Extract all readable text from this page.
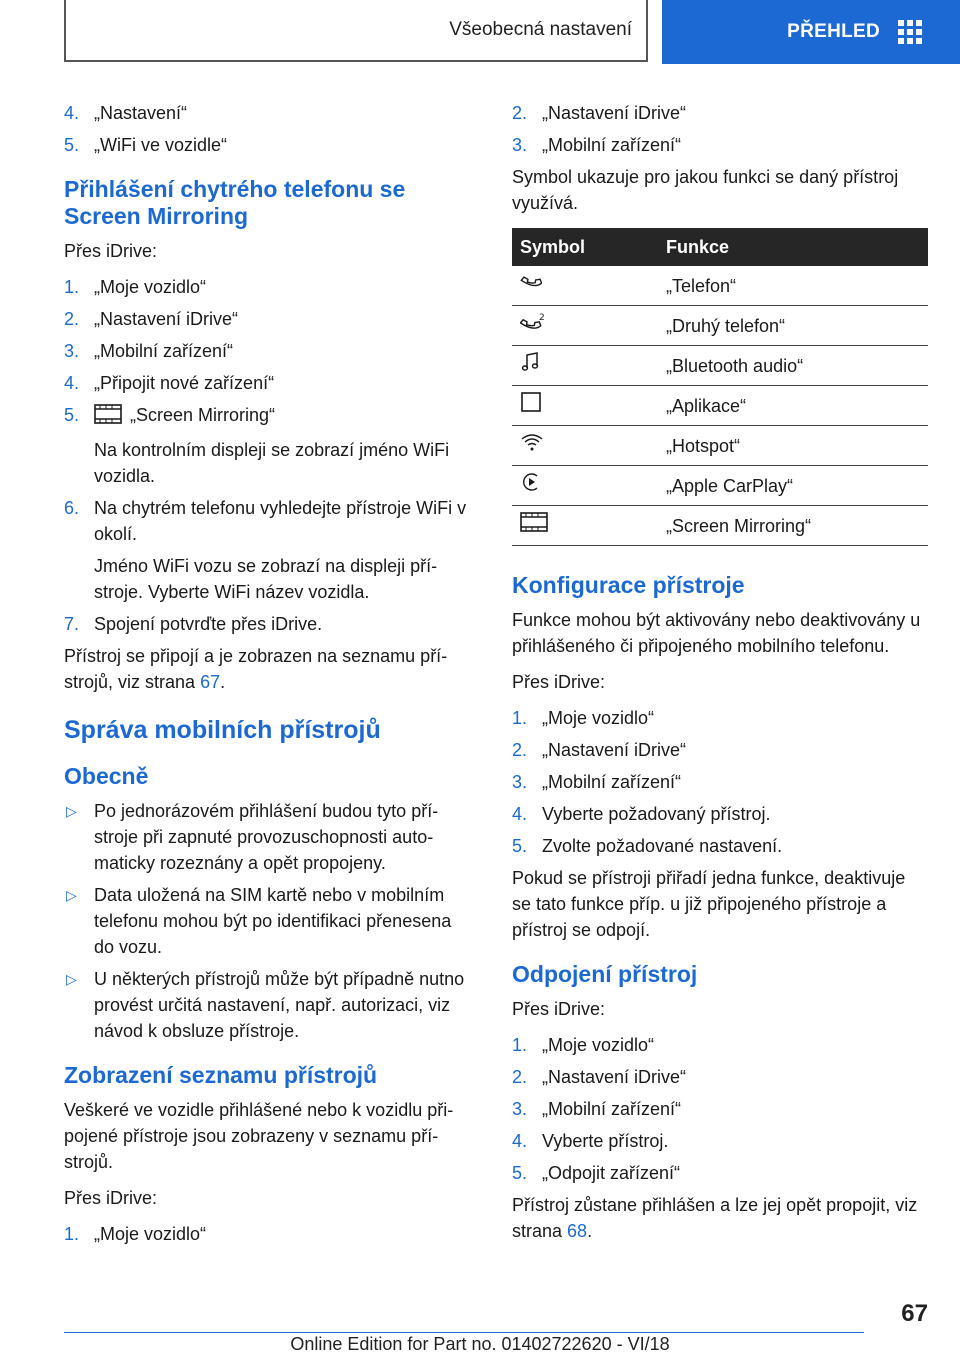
Všeobecná nastavení	PŘEHLED
4. „Nastavení“
5. „WiFi ve vozidle“
Přihlášení chytrého telefonu se Screen Mirroring
Přes iDrive:
1. „Moje vozidlo“
2. „Nastavení iDrive“
3. „Mobilní zařízení“
4. „Připojit nové zařízení“
5.	„Screen Mirroring“
Na kontrolním displeji se zobrazí jméno WiFi vozidla.
6. Na chytrém telefonu vyhledejte přístroje WiFi v okolí.
Jméno WiFi vozu se zobrazí na displeji přístroje. Vyberte WiFi název vozidla.
7. Spojení potvrďte přes iDrive.
Přístroj se připojí a je zobrazen na seznamu přístrojů, viz strana 67.
Správa mobilních přístrojů
Obecně
▷ Po jednorázovém přihlášení budou tyto přístroje při zapnuté provozuschopnosti automaticky rozeznány a opět propojeny.
▷ Data uložená na SIM kartě nebo v mobilním telefonu mohou být po identifikaci přenesena do vozu.
▷ U některých přístrojů může být případně nutno provést určitá nastavení, např. autorizaci, viz návod k obsluze přístroje.
Zobrazení seznamu přístrojů
Veškeré ve vozidle přihlášené nebo k vozidlu připojené přístroje jsou zobrazeny v seznamu přístrojů.
Přes iDrive:
1. „Moje vozidlo“
2. „Nastavení iDrive“
3. „Mobilní zařízení“
Symbol ukazuje pro jakou funkci se daný přístroj využívá.
Symbol	Funkce
	„Telefon“

2	„Druhý telefon“
	„Bluetooth audio“
	„Aplikace“
	„Hotspot“
	„Apple CarPlay“
	„Screen Mirroring“
Konfigurace přístroje
Funkce mohou být aktivovány nebo deaktivovány u přihlášeného či připojeného mobilního telefonu.
Přes iDrive:
1. „Moje vozidlo“
2. „Nastavení iDrive“
3. „Mobilní zařízení“
4. Vyberte požadovaný přístroj.
5. Zvolte požadované nastavení.
Pokud se přístroji přiřadí jedna funkce, deaktivuje se tato funkce příp. u již připojeného přístroje a přístroj se odpojí.
Odpojení přístroj
Přes iDrive:
1. „Moje vozidlo“
2. „Nastavení iDrive“
3. „Mobilní zařízení“
4. Vyberte přístroj.
5. „Odpojit zařízení“
Přístroj zůstane přihlášen a lze jej opět propojit, viz strana 68.
67
Online Edition for Part no. 01402722620 - VI/18
